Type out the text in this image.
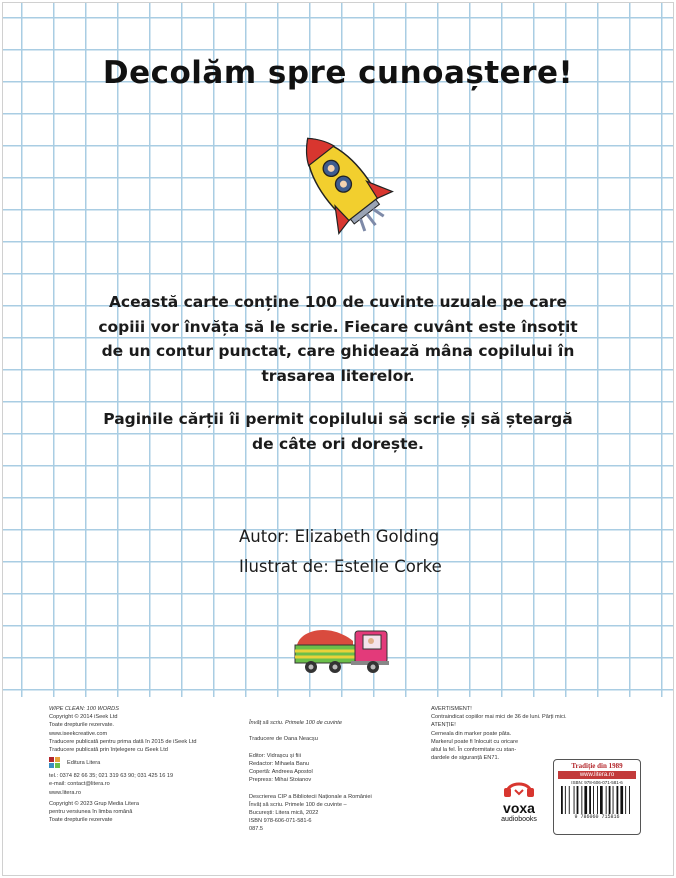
Decolăm spre cunoaștere!
Această carte conține 100 de cuvinte uzuale pe care
copiii vor învăța să le scrie. Fiecare cuvânt este însoțit
de un contur punctat, care ghidează mâna copilului în
trasarea literelor.
Paginile cărții îi permit copilului să scrie și să șteargă
de câte ori dorește.
Autor: Elizabeth Golding
Ilustrat de: Estelle Corke
WIPE CLEAN: 100 WORDS
Copyright © 2014 iSeek Ltd
Toate drepturile rezervate.
www.iseekcreative.com
Traducere publicată pentru prima dată în 2015 de iSeek Ltd
Traducere publicată prin înțelegere cu iSeek Ltd
Editura Litera
tel.: 0374 82 66 35; 021 319 63 90; 031 425 16 19
e-mail: contact@litera.ro
www.litera.ro
Copyright © 2023 Grup Media Litera
pentru versiunea în limba română
Toate drepturile rezervate
Învăț să scriu. Primele 100 de cuvinte
Traducere de Oana Neacșu

Editor: Vidrașcu și fiii
Redactor: Mihaela Banu
Copertă: Andreea Apostol
Prepress: Mihai Stoianov

Descrierea CIP a Bibliotecii Naționale a României
Învăț să scriu. Primele 100 de cuvinte –
București: Litera mică, 2022
ISBN 978-606-071-581-6
087.5
AVERTISMENT!
Contraindicat copiilor mai mici de 36 de luni. Părți mici.
ATENȚIE!
Cerneala din marker poate păta.
Markerul poate fi înlocuit cu oricare
altul la fel. În conformitate cu stan-
dardele de siguranță EN71.
voxa
audiobooks
Tradiție din 1989
www.litera.ro
ISBN: 978-606-071-581-6
9 786060 715816
